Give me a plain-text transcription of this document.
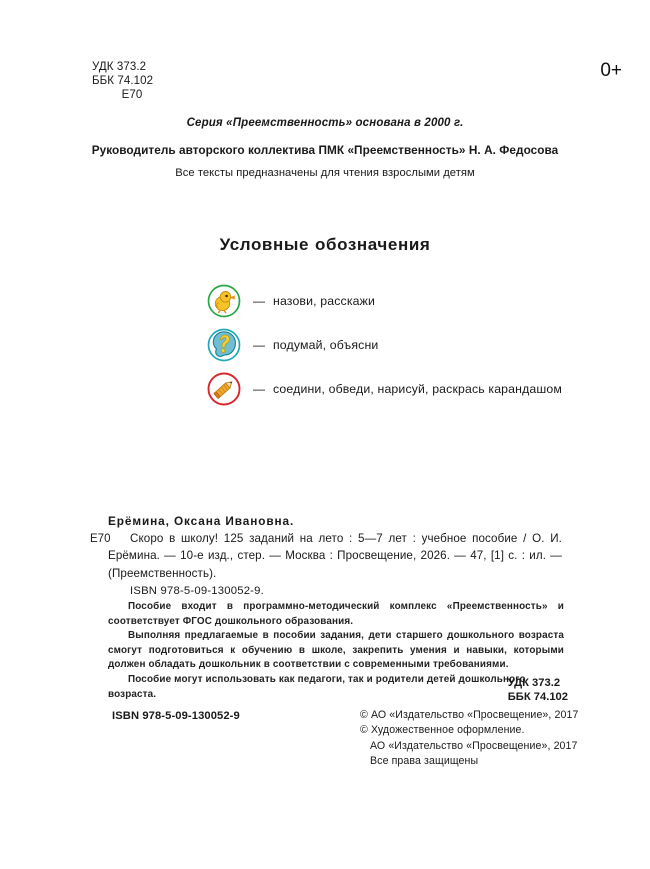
УДК 373.2
ББК 74.102
Е70
0+
Серия «Преемственность» основана в 2000 г.
Руководитель авторского коллектива ПМК «Преемственность» Н. А. Федосова
Все тексты предназначены для чтения взрослыми детям
Условные обозначения
— назови, расскажи
— подумай, объясни
— соедини, обведи, нарисуй, раскрась карандашом
Е70
Ерёмина, Оксана Ивановна.
Скоро в школу! 125 заданий на лето : 5—7 лет : учебное пособие / О. И. Ерёмина. — 10-е изд., стер. — Москва : Просвещение, 2026. — 47, [1] с. : ил. — (Преемственность).
ISBN 978-5-09-130052-9.

Пособие входит в программно-методический комплекс «Преемственность» и соответствует ФГОС дошкольного образования.

Выполняя предлагаемые в пособии задания, дети старшего дошкольного возраста смогут подготовиться к обучению в школе, закрепить умения и навыки, которыми должен обладать дошкольник в соответствии с современными требованиями.

Пособие могут использовать как педагоги, так и родители детей дошкольного возраста.

УДК 373.2
ББК 74.102
ISBN 978-5-09-130052-9	© АО «Издательство «Просвещение», 2017
© Художественное оформление.
АО «Издательство «Просвещение», 2017
Все права защищены
